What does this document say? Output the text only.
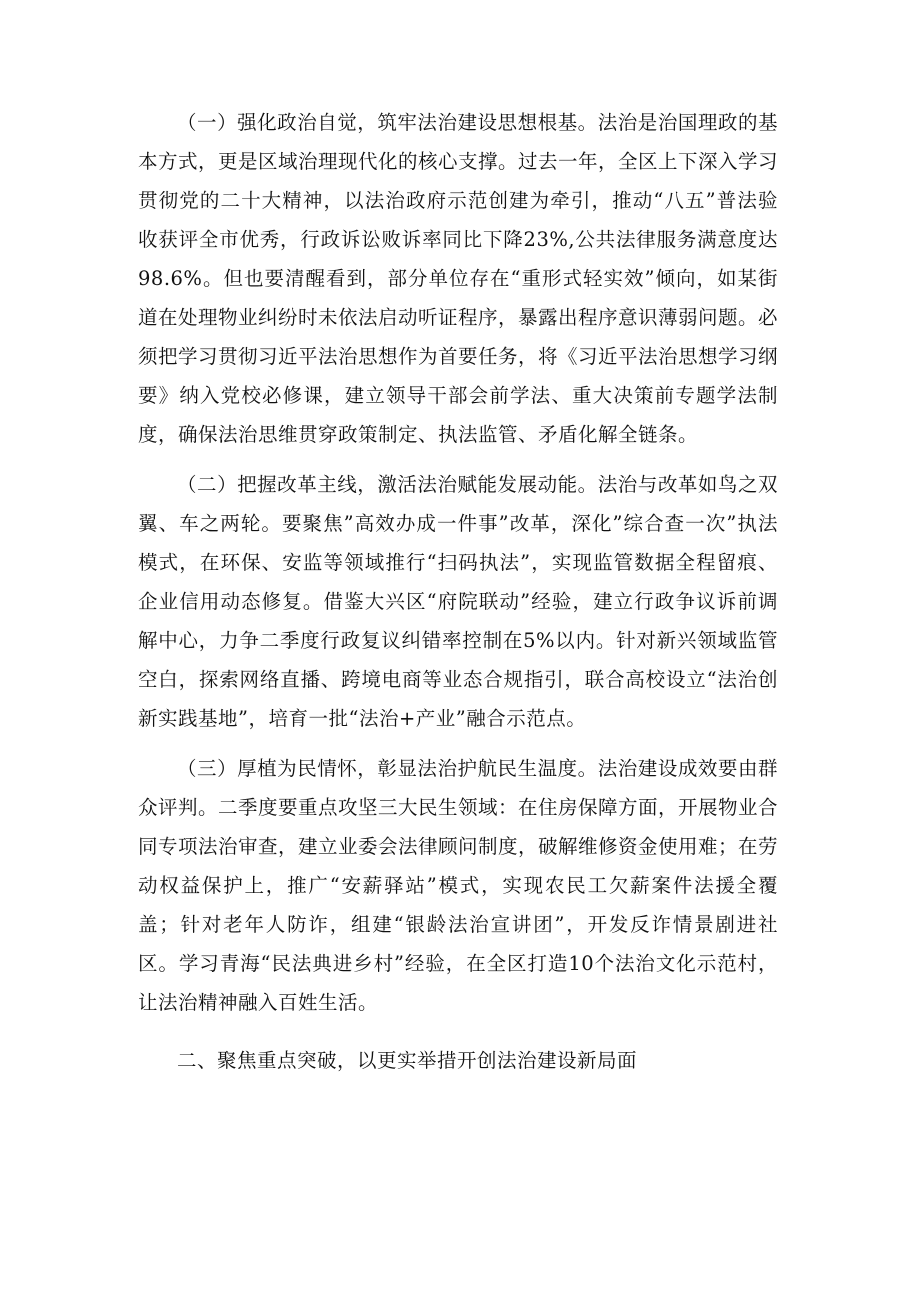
（一）强化政治自觉，筑牢法治建设思想根基。法治是治国理政的基本方式，更是区域治理现代化的核心支撑。过去一年，全区上下深入学习贯彻党的二十大精神，以法治政府示范创建为牵引，推动“八五”普法验收获评全市优秀，行政诉讼败诉率同比下降23%,公共法律服务满意度达98.6%。但也要清醒看到，部分单位存在“重形式轻实效”倾向，如某街道在处理物业纠纷时未依法启动听证程序，暴露出程序意识薄弱问题。必须把学习贯彻习近平法治思想作为首要任务，将《习近平法治思想学习纲要》纳入党校必修课，建立领导干部会前学法、重大决策前专题学法制度，确保法治思维贯穿政策制定、执法监管、矛盾化解全链条。

（二）把握改革主线，激活法治赋能发展动能。法治与改革如鸟之双翼、车之两轮。要聚焦”高效办成一件事”改革，深化”综合查一次”执法模式，在环保、安监等领域推行“扫码执法”，实现监管数据全程留痕、企业信用动态修复。借鉴大兴区“府院联动”经验，建立行政争议诉前调解中心，力争二季度行政复议纠错率控制在5%以内。针对新兴领域监管空白，探索网络直播、跨境电商等业态合规指引，联合高校设立“法治创新实践基地”，培育一批“法治+产业”融合示范点。

（三）厚植为民情怀，彰显法治护航民生温度。法治建设成效要由群众评判。二季度要重点攻坚三大民生领域：在住房保障方面，开展物业合同专项法治审查，建立业委会法律顾问制度，破解维修资金使用难；在劳动权益保护上，推广“安薪驿站”模式，实现农民工欠薪案件法援全覆盖；针对老年人防诈，组建“银龄法治宣讲团”，开发反诈情景剧进社区。学习青海“民法典进乡村”经验，在全区打造10个法治文化示范村，让法治精神融入百姓生活。

二、聚焦重点突破，以更实举措开创法治建设新局面
